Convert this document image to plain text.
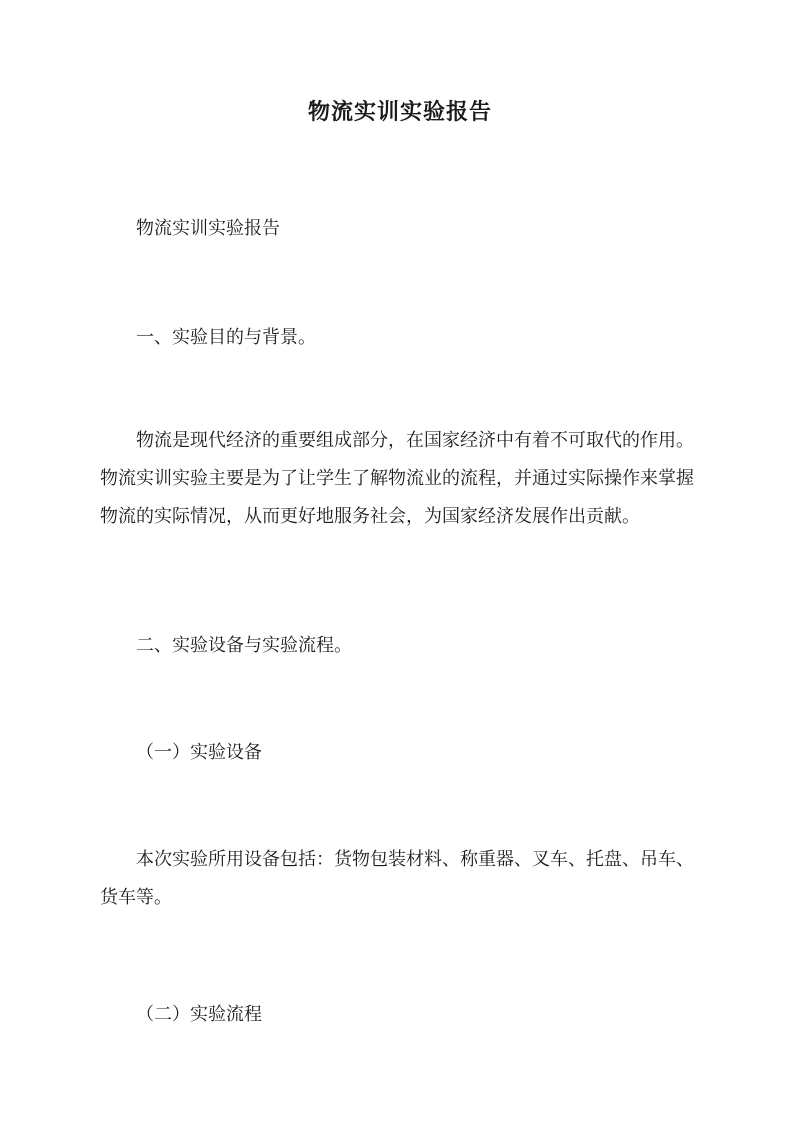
物流实训实验报告

物流实训实验报告

一、实验目的与背景。

物流是现代经济的重要组成部分，在国家经济中有着不可取代的作用。物流实训实验主要是为了让学生了解物流业的流程，并通过实际操作来掌握物流的实际情况，从而更好地服务社会，为国家经济发展作出贡献。

二、实验设备与实验流程。

（一）实验设备

本次实验所用设备包括：货物包装材料、称重器、叉车、托盘、吊车、货车等。

（二）实验流程
